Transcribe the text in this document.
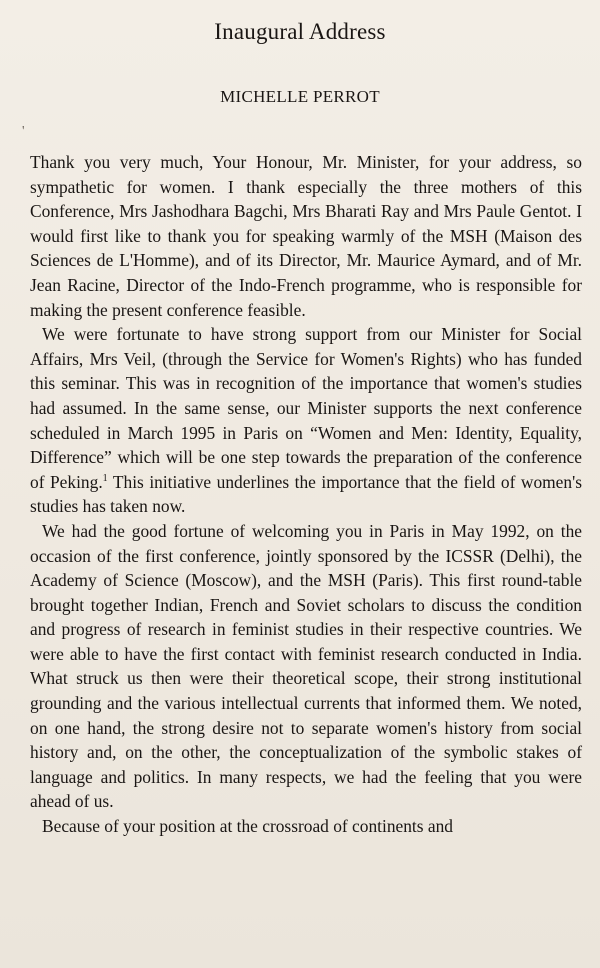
Inaugural Address
MICHELLE PERROT
'

Thank you very much, Your Honour, Mr. Minister, for your address, so sympathetic for women. I thank especially the three mothers of this Conference, Mrs Jashodhara Bagchi, Mrs Bharati Ray and Mrs Paule Gentot. I would first like to thank you for speaking warmly of the MSH (Maison des Sciences de L'Homme), and of its Director, Mr. Maurice Aymard, and of Mr. Jean Racine, Director of the Indo-French programme, who is responsible for making the present conference feasible.

We were fortunate to have strong support from our Minister for Social Affairs, Mrs Veil, (through the Service for Women's Rights) who has funded this seminar. This was in recognition of the importance that women's studies had assumed. In the same sense, our Minister supports the next conference scheduled in March 1995 in Paris on “Women and Men: Identity, Equality, Difference” which will be one step towards the preparation of the conference of Peking.$^1$ This initiative underlines the importance that the field of women's studies has taken now.

We had the good fortune of welcoming you in Paris in May 1992, on the occasion of the first conference, jointly sponsored by the ICSSR (Delhi), the Academy of Science (Moscow), and the MSH (Paris). This first round-table brought together Indian, French and Soviet scholars to discuss the condition and progress of research in feminist studies in their respective countries. We were able to have the first contact with feminist research conducted in India. What struck us then were their theoretical scope, their strong institutional grounding and the various intellectual currents that informed them. We noted, on one hand, the strong desire not to separate women's history from social history and, on the other, the conceptualization of the symbolic stakes of language and politics. In many respects, we had the feeling that you were ahead of us.

Because of your position at the crossroad of continents and
